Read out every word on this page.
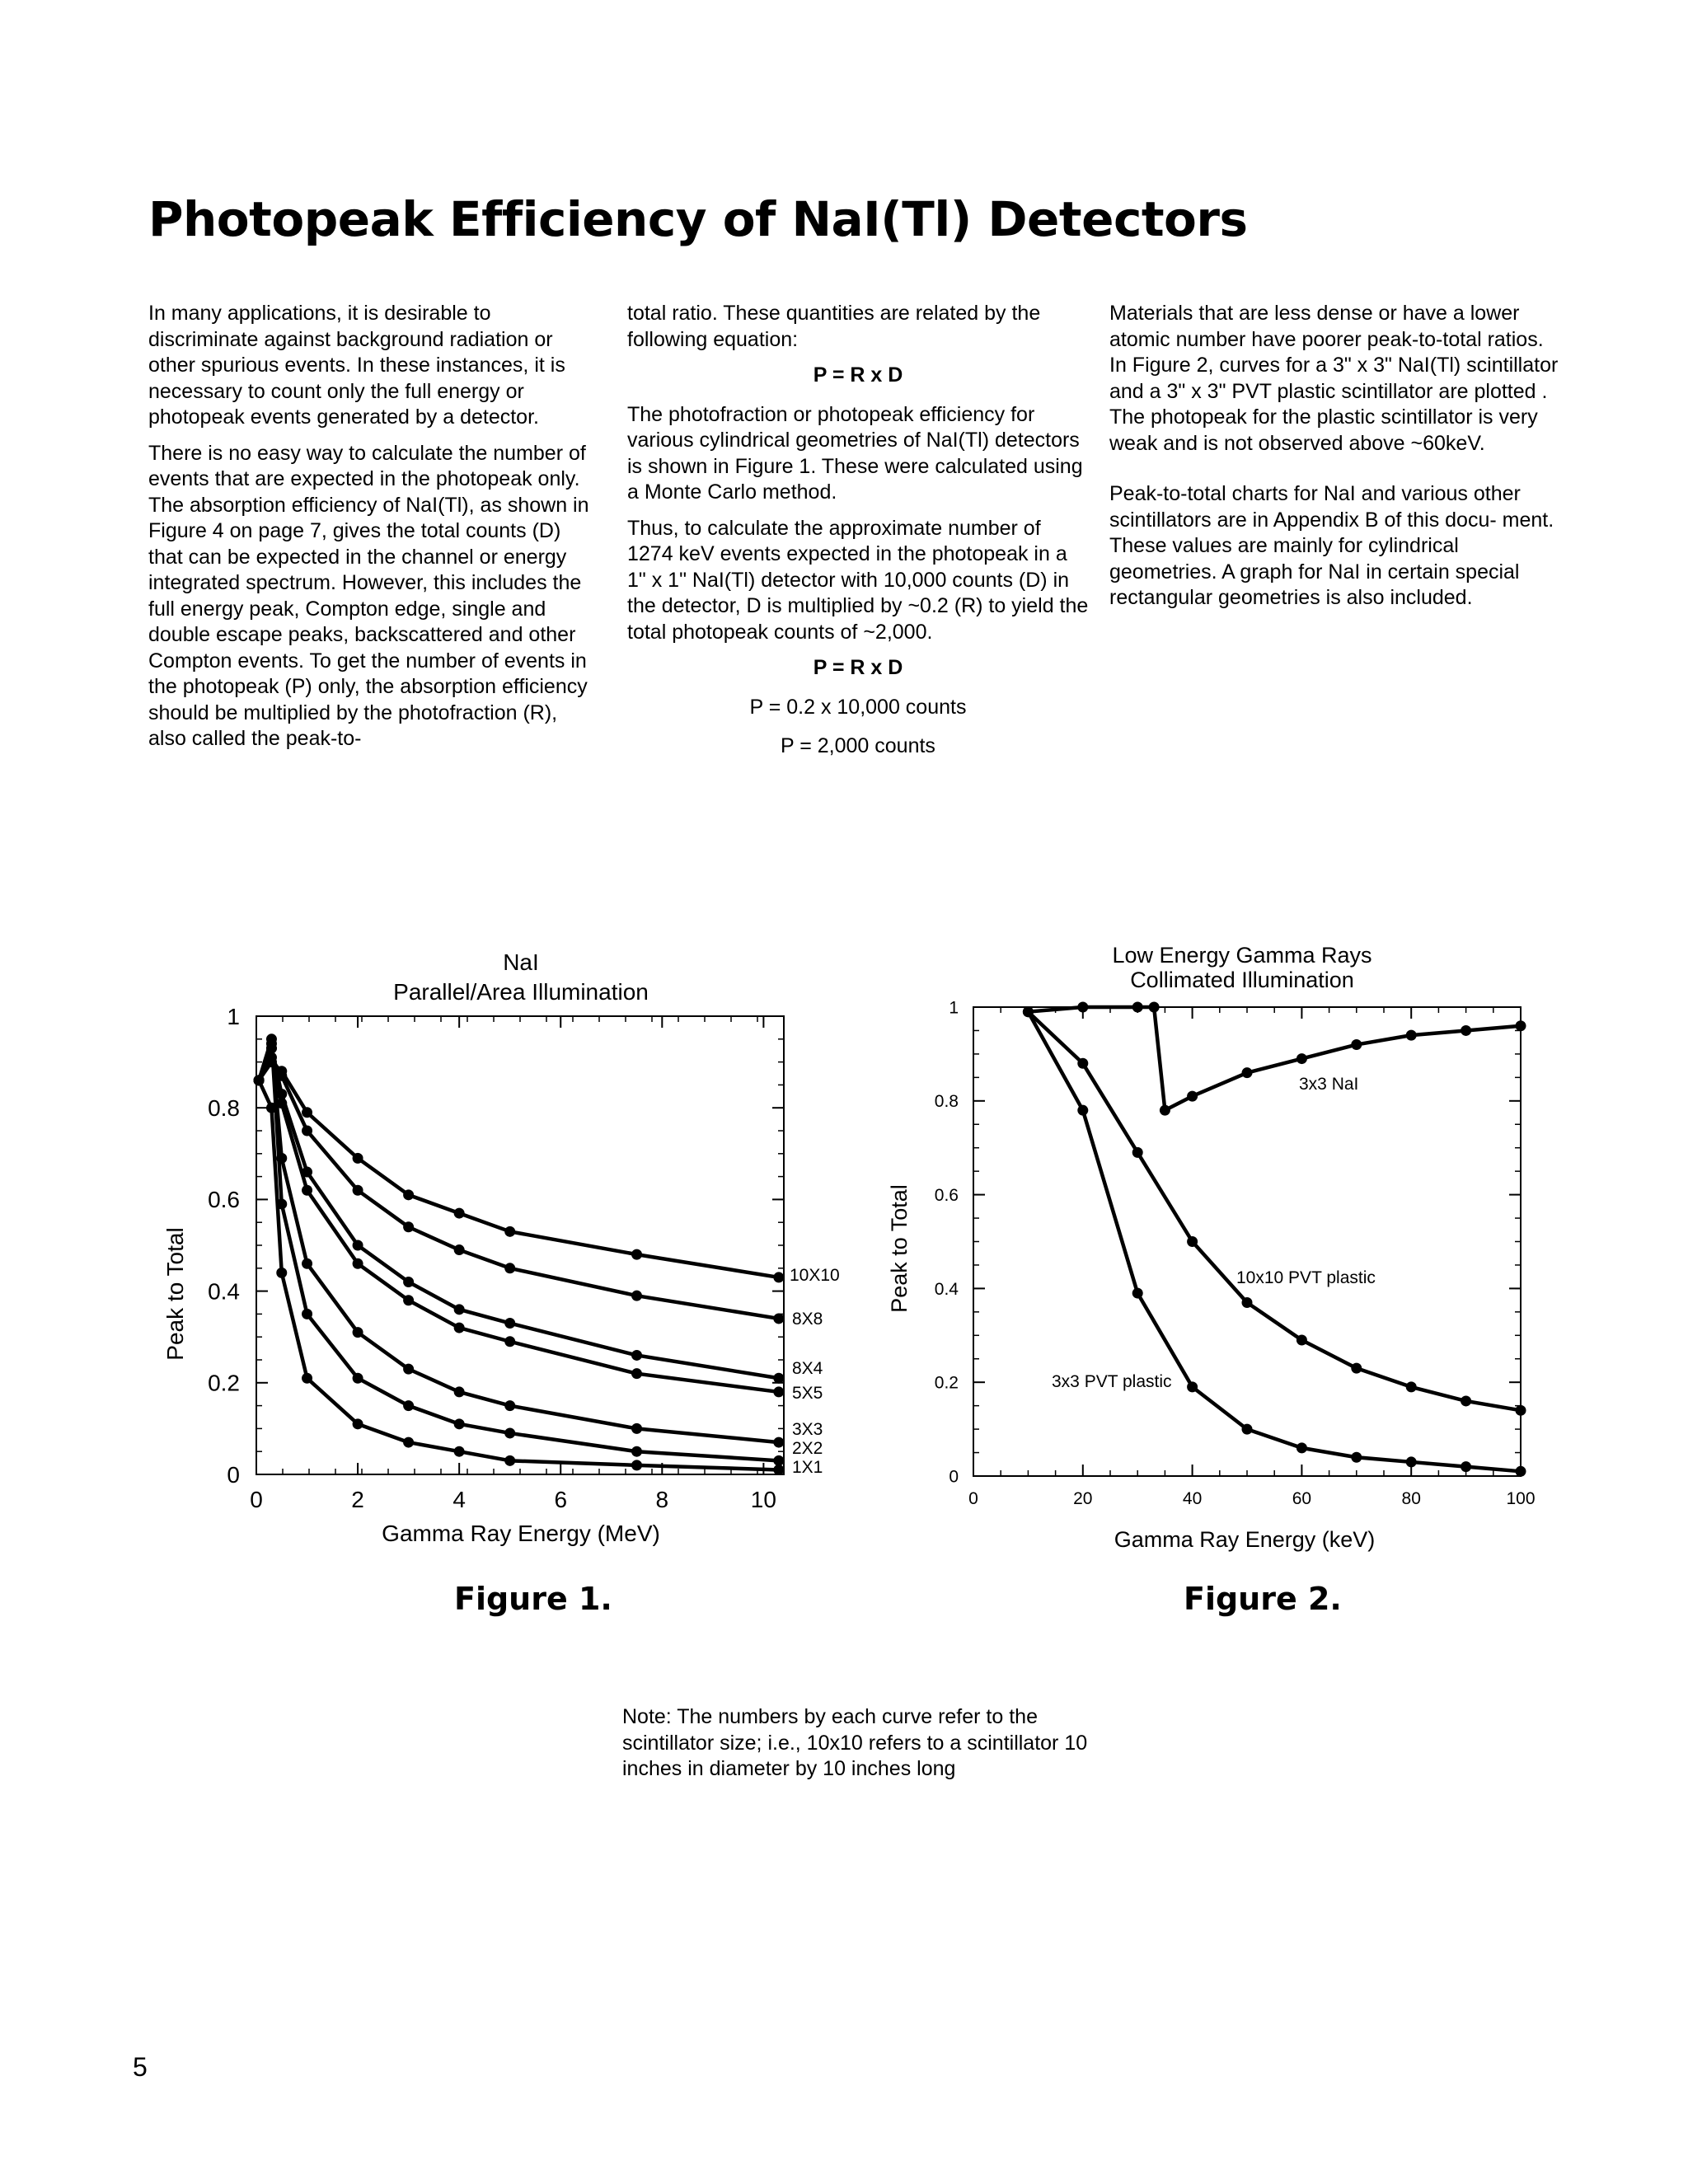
Photopeak Efficiency of NaI(Tl) Detectors

In many applications, it is desirable to discriminate against background radiation or other spurious events. In these instances, it is necessary to count only the full energy or photopeak events generated by a detector.

There is no easy way to calculate the number of events that are expected in the photopeak only. The absorption efficiency of NaI(Tl), as shown in Figure 4 on page 7, gives the total counts (D) that can be expected in the channel or energy integrated spectrum. However, this includes the full energy peak, Compton edge, single and double escape peaks, backscattered and other Compton events. To get the number of events in the photopeak (P) only, the absorption efficiency should be multiplied by the photofraction (R), also called the peak-to-

total ratio. These quantities are related by the following equation:

P = R x D

The photofraction or photopeak efficiency for various cylindrical geometries of NaI(Tl) detectors is shown in Figure 1. These were calculated using a Monte Carlo method.

Thus, to calculate the approximate number of 1274 keV events expected in the photopeak in a 1" x 1" NaI(Tl) detector with 10,000 counts (D) in the detector, D is multiplied by ~0.2 (R) to yield the total photopeak counts of ~2,000.

P = R x D

P = 0.2 x 10,000 counts

P = 2,000 counts

Materials that are less dense or have a lower atomic number have poorer peak-to-total ratios. In Figure 2, curves for a 3" x 3" NaI(Tl) scintillator and a 3" x 3" PVT plastic scintillator are plotted . The photopeak for the plastic scintillator is very weak and is not observed above ~60keV.

Peak-to-total charts for NaI and various other scintillators are in Appendix B of this docu- ment. These values are mainly for cylindrical geometries. A graph for NaI in certain special rectangular geometries is also included.

NaI
Parallel/Area Illumination
Gamma Ray Energy (MeV)
Peak to Total
0	2	4	6	8	10
0
0.2
0.4
0.6
0.8
1
10X10
8X8
8X4
5X5
3X3
2X2
1X1
Low Energy Gamma Rays
Collimated Illumination
Gamma Ray Energy (keV)
Peak to Total
0	20	40	60	80	100
0
0.2
0.4
0.6
0.8
1
3x3 NaI
10x10 PVT plastic
3x3 PVT plastic
Figure 1.	Figure 2.
Note: The numbers by each curve refer to the scintillator size; i.e., 10x10 refers to a scintillator 10 inches in diameter by 10 inches long
5
